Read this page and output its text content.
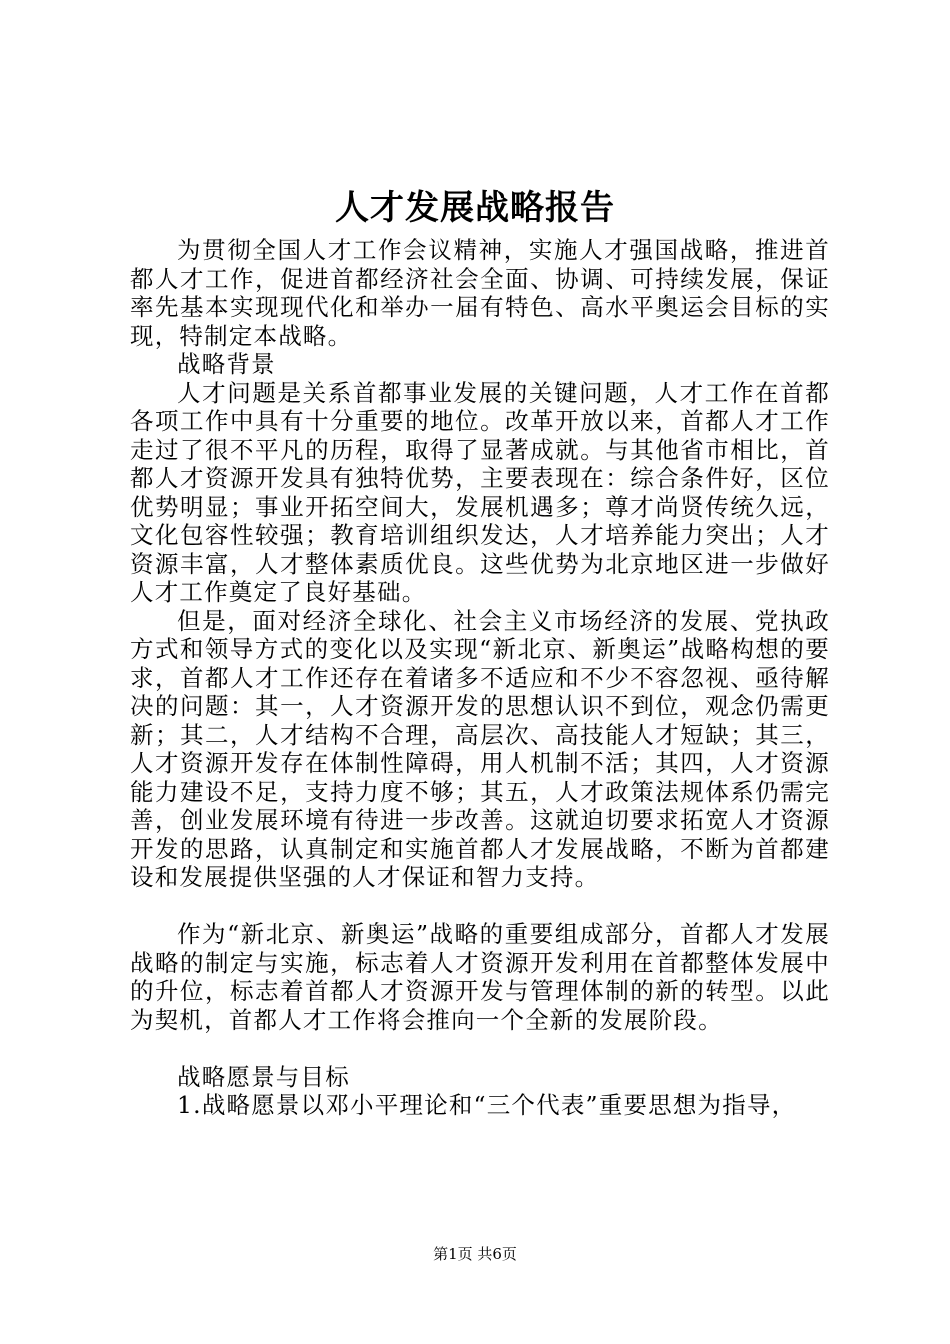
人才发展战略报告

为贯彻全国人才工作会议精神，实施人才强国战略，推进首都人才工作，促进首都经济社会全面、协调、可持续发展，保证率先基本实现现代化和举办一届有特色、高水平奥运会目标的实现，特制定本战略。

战略背景

人才问题是关系首都事业发展的关键问题，人才工作在首都各项工作中具有十分重要的地位。改革开放以来，首都人才工作走过了很不平凡的历程，取得了显著成就。与其他省市相比，首都人才资源开发具有独特优势，主要表现在：综合条件好，区位优势明显；事业开拓空间大，发展机遇多；尊才尚贤传统久远，文化包容性较强；教育培训组织发达，人才培养能力突出；人才资源丰富，人才整体素质优良。这些优势为北京地区进一步做好人才工作奠定了良好基础。

但是，面对经济全球化、社会主义市场经济的发展、党执政方式和领导方式的变化以及实现“新北京、新奥运”战略构想的要求，首都人才工作还存在着诸多不适应和不少不容忽视、亟待解决的问题：其一，人才资源开发的思想认识不到位，观念仍需更新；其二，人才结构不合理，高层次、高技能人才短缺；其三，人才资源开发存在体制性障碍，用人机制不活；其四，人才资源能力建设不足，支持力度不够；其五，人才政策法规体系仍需完善，创业发展环境有待进一步改善。这就迫切要求拓宽人才资源开发的思路，认真制定和实施首都人才发展战略，不断为首都建设和发展提供坚强的人才保证和智力支持。

作为“新北京、新奥运”战略的重要组成部分，首都人才发展战略的制定与实施，标志着人才资源开发利用在首都整体发展中的升位，标志着首都人才资源开发与管理体制的新的转型。以此为契机，首都人才工作将会推向一个全新的发展阶段。

战略愿景与目标

1.战略愿景以邓小平理论和“三个代表”重要思想为指导，

第1页 共6页
